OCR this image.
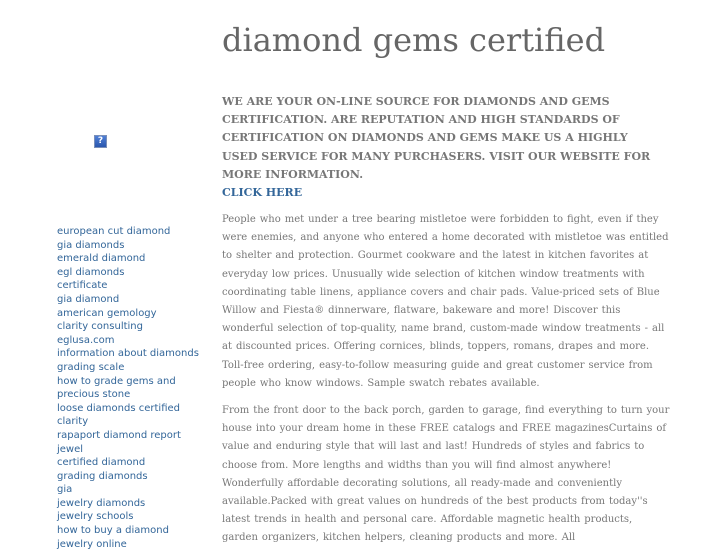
diamond gems certified
WE ARE YOUR ON-LINE SOURCE FOR DIAMONDS AND GEMS CERTIFICATION. ARE REPUTATION AND HIGH STANDARDS OF CERTIFICATION ON DIAMONDS AND GEMS MAKE US A HIGHLY USED SERVICE FOR MANY PURCHASERS. VISIT OUR WEBSITE FOR MORE INFORMATION.
CLICK HERE
?
european cut diamond
gia diamonds
emerald diamond
egl diamonds
certificate
gia diamond
american gemology
clarity consulting
eglusa.com
information about diamonds
grading scale
how to grade gems and precious stone
loose diamonds certified
clarity
rapaport diamond report
jewel
certified diamond
grading diamonds
gia
jewelry diamonds
jewelry schools
how to buy a diamond
jewelry online

People who met under a tree bearing mistletoe were forbidden to fight, even if they were enemies, and anyone who entered a home decorated with mistletoe was entitled to shelter and protection. Gourmet cookware and the latest in kitchen favorites at everyday low prices. Unusually wide selection of kitchen window treatments with coordinating table linens, appliance covers and chair pads. Value-priced sets of Blue Willow and Fiesta® dinnerware, flatware, bakeware and more! Discover this wonderful selection of top-quality, name brand, custom-made window treatments - all at discounted prices. Offering cornices, blinds, toppers, romans, drapes and more. Toll-free ordering, easy-to-follow measuring guide and great customer service from people who know windows. Sample swatch rebates available.

From the front door to the back porch, garden to garage, find everything to turn your house into your dream home in these FREE catalogs and FREE magazinesCurtains of value and enduring style that will last and last! Hundreds of styles and fabrics to choose from. More lengths and widths than you will find almost anywhere! Wonderfully affordable decorating solutions, all ready-made and conveniently available.Packed with great values on hundreds of the best products from today''s latest trends in health and personal care. Affordable magnetic health products, garden organizers, kitchen helpers, cleaning products and more. All
